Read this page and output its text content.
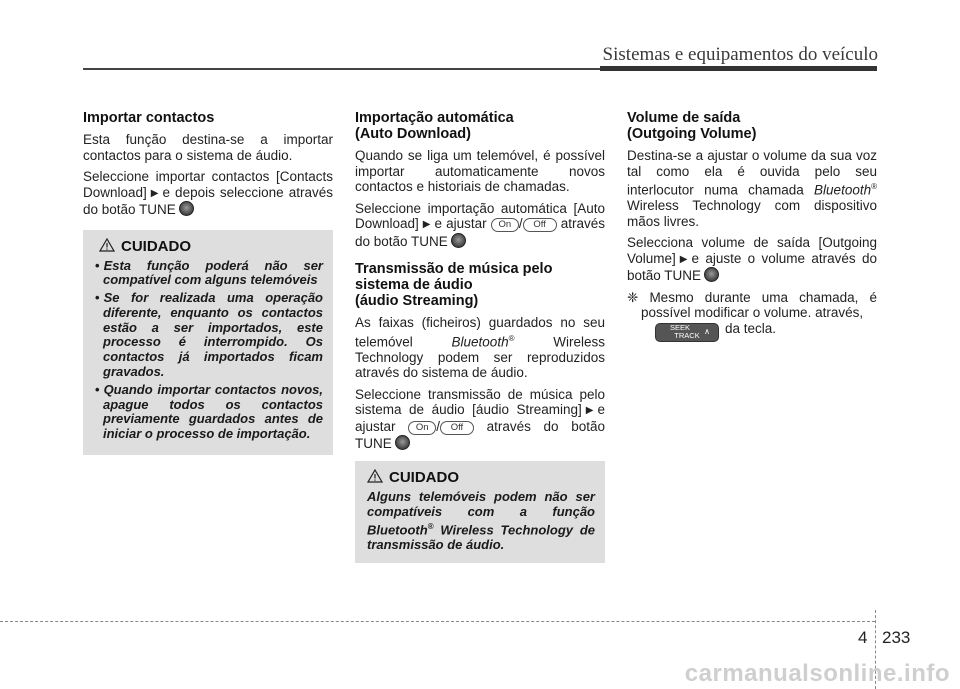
Sistemas e equipamentos do veículo
Importar contactos

Esta função destina-se a importar contactos para o sistema de áudio.

Seleccione importar contactos [Contacts Download] ▶ e depois seleccione através do botão TUNE

CUIDADO
• Esta função poderá não ser compatível com alguns telemóveis
• Se for realizada uma operação diferente, enquanto os contactos estão a ser importados, este processo é interrompido. Os contactos já importados ficam gravados.
• Quando importar contactos novos, apague todos os contactos previamente guardados antes de iniciar o processo de importação.
Importação automática
(Auto Download)

Quando se liga um telemóvel, é possível importar automaticamente novos contactos e historiais de chamadas.

Seleccione importação automática [Auto Download] ▶ e ajustar On / Off através do botão TUNE

Transmissão de música pelo
sistema de áudio
(áudio Streaming)

As faixas (ficheiros) guardados no seu telemóvel	Bluetooth®	Wireless Technology podem ser reproduzidos através do sistema de áudio.

Seleccione transmissão de música pelo sistema de áudio [áudio Streaming] ▶ e ajustar On / Off através do botão TUNE

CUIDADO
Alguns telemóveis podem não ser compatíveis com a função Bluetooth® Wireless Technology de transmissão de áudio.
Volume de saída
(Outgoing Volume)

Destina-se a ajustar o volume da sua voz tal como ela é ouvida pelo seu interlocutor numa chamada Bluetooth® Wireless Technology com dispositivo mãos livres.

Selecciona volume de saída [Outgoing Volume] ▶ e ajuste o volume através do botão TUNE

❈ Mesmo durante uma chamada, é possível modificar o volume. através,

∨	SEEK
TRACK ∧	da tecla.

4 233
carmanualsonline.info
